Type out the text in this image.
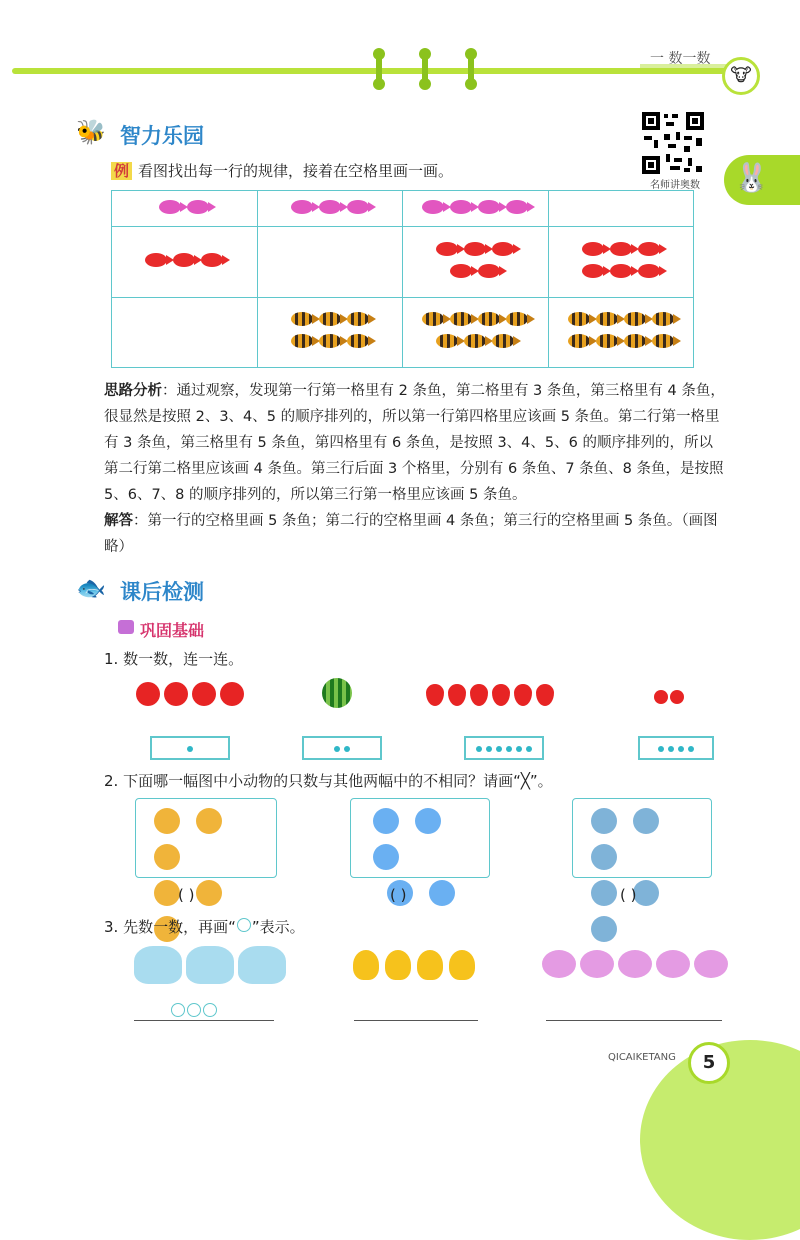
一 数一数
🐮
🐰
🐝 智力乐园
名师讲奥数
例 看图找出每一行的规律，接着在空格里画一画。

思路分析：通过观察，发现第一行第一格里有 2 条鱼，第二格里有 3 条鱼，第三格里有 4 条鱼，很显然是按照 2、3、4、5 的顺序排列的，所以第一行第四格里应该画 5 条鱼。第二行第一格里有 3 条鱼，第三格里有 5 条鱼，第四格里有 6 条鱼，是按照 3、4、5、6 的顺序排列的，所以第二行第二格里应该画 4 条鱼。第三行后面 3 个格里，分别有 6 条鱼、7 条鱼、8 条鱼，是按照 5、6、7、8 的顺序排列的，所以第三行第一格里应该画 5 条鱼。
解答：第一行的空格里画 5 条鱼；第二行的空格里画 4 条鱼；第三行的空格里画 5 条鱼。（画图略）
🐟 课后检测
巩固基础
1. 数一数，连一连。
2. 下面哪一幅图中小动物的只数与其他两幅中的不相同？请画“╳”。

( )	( )	( )
3. 先数一数，再画“ ”表示。
QICAIKETANG	5
